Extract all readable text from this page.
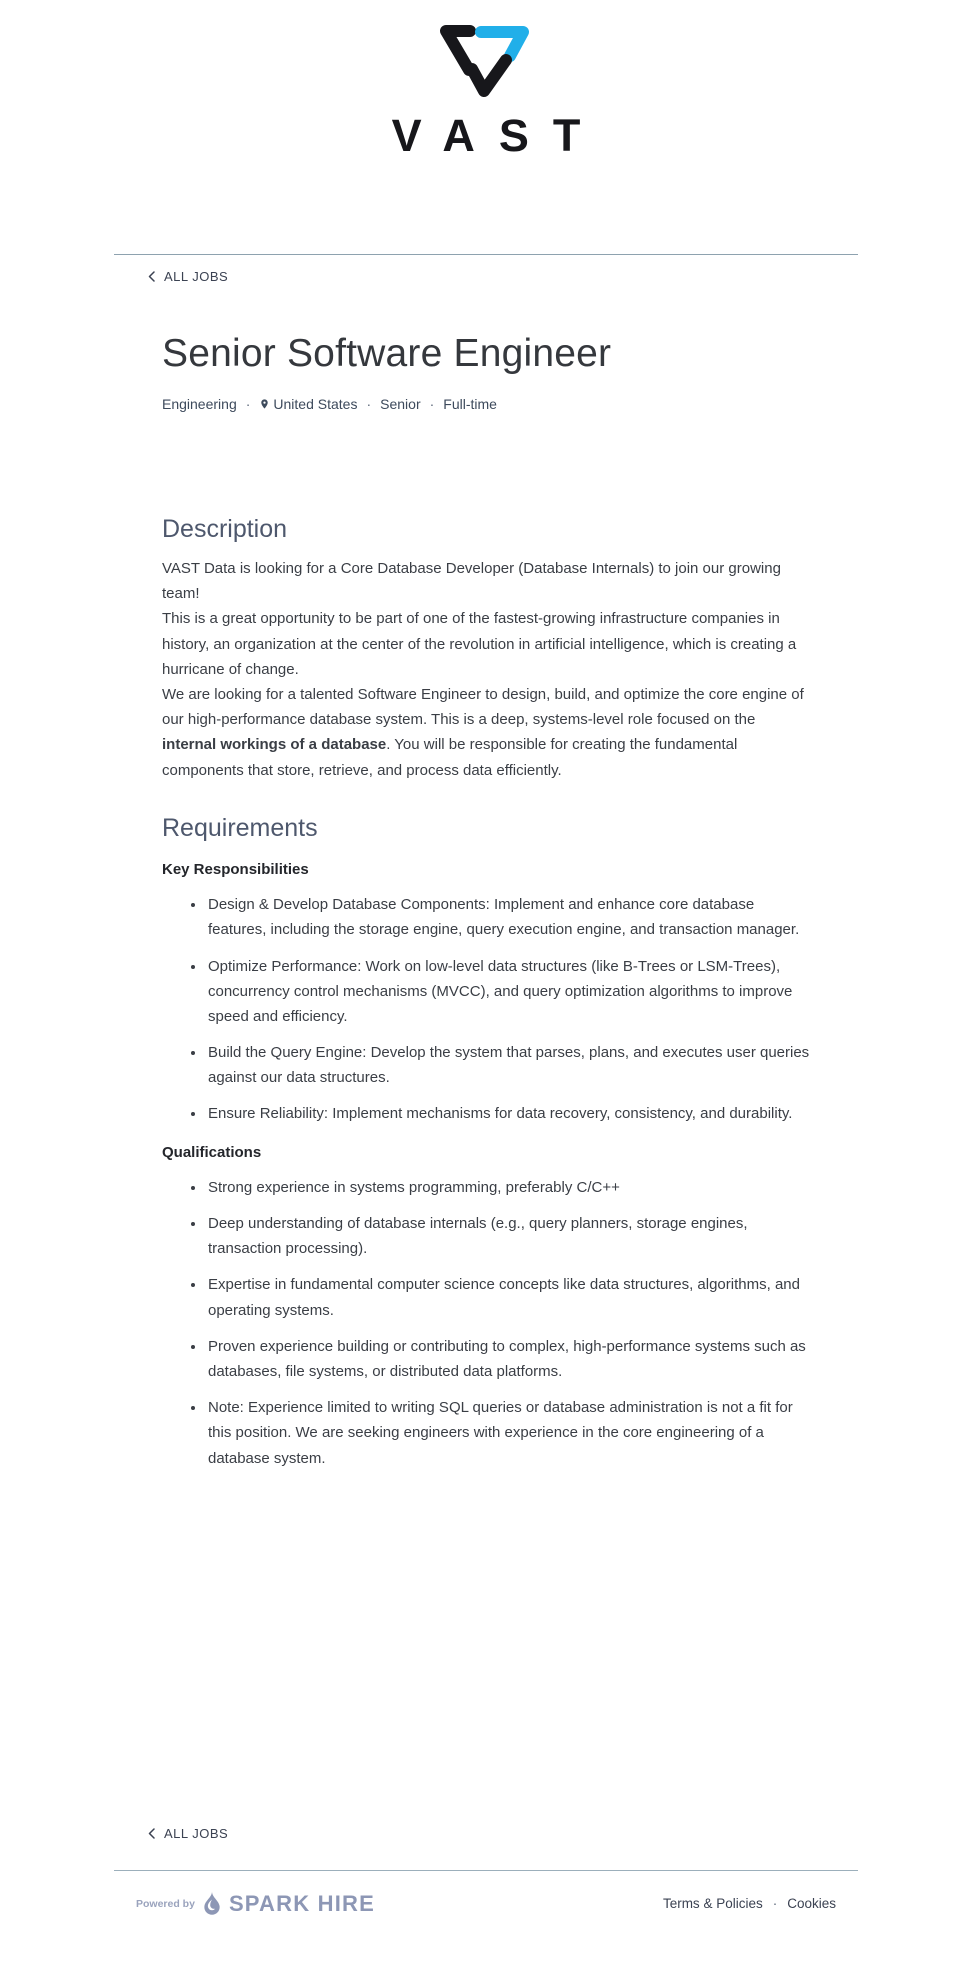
VAST
ALL JOBS
Senior Software Engineer
Engineering · United States · Senior · Full-time
Description

VAST Data is looking for a Core Database Developer (Database Internals) to join our growing team!

This is a great opportunity to be part of one of the fastest-growing infrastructure companies in history, an organization at the center of the revolution in artificial intelligence, which is creating a hurricane of change.

We are looking for a talented Software Engineer to design, build, and optimize the core engine of our high-performance database system. This is a deep, systems-level role focused on the internal workings of a database. You will be responsible for creating the fundamental components that store, retrieve, and process data efficiently.

Requirements

Key Responsibilities

• Design & Develop Database Components: Implement and enhance core database features, including the storage engine, query execution engine, and transaction manager.
• Optimize Performance: Work on low-level data structures (like B-Trees or LSM-Trees), concurrency control mechanisms (MVCC), and query optimization algorithms to improve speed and efficiency.
• Build the Query Engine: Develop the system that parses, plans, and executes user queries against our data structures.
• Ensure Reliability: Implement mechanisms for data recovery, consistency, and durability.

Qualifications

• Strong experience in systems programming, preferably C/C++
• Deep understanding of database internals (e.g., query planners, storage engines, transaction processing).
• Expertise in fundamental computer science concepts like data structures, algorithms, and operating systems.
• Proven experience building or contributing to complex, high-performance systems such as databases, file systems, or distributed data platforms.
• Note: Experience limited to writing SQL queries or database administration is not a fit for this position. We are seeking engineers with experience in the core engineering of a database system.
ALL JOBS
Powered by SPARK HIRE	Terms & Policies · Cookies
